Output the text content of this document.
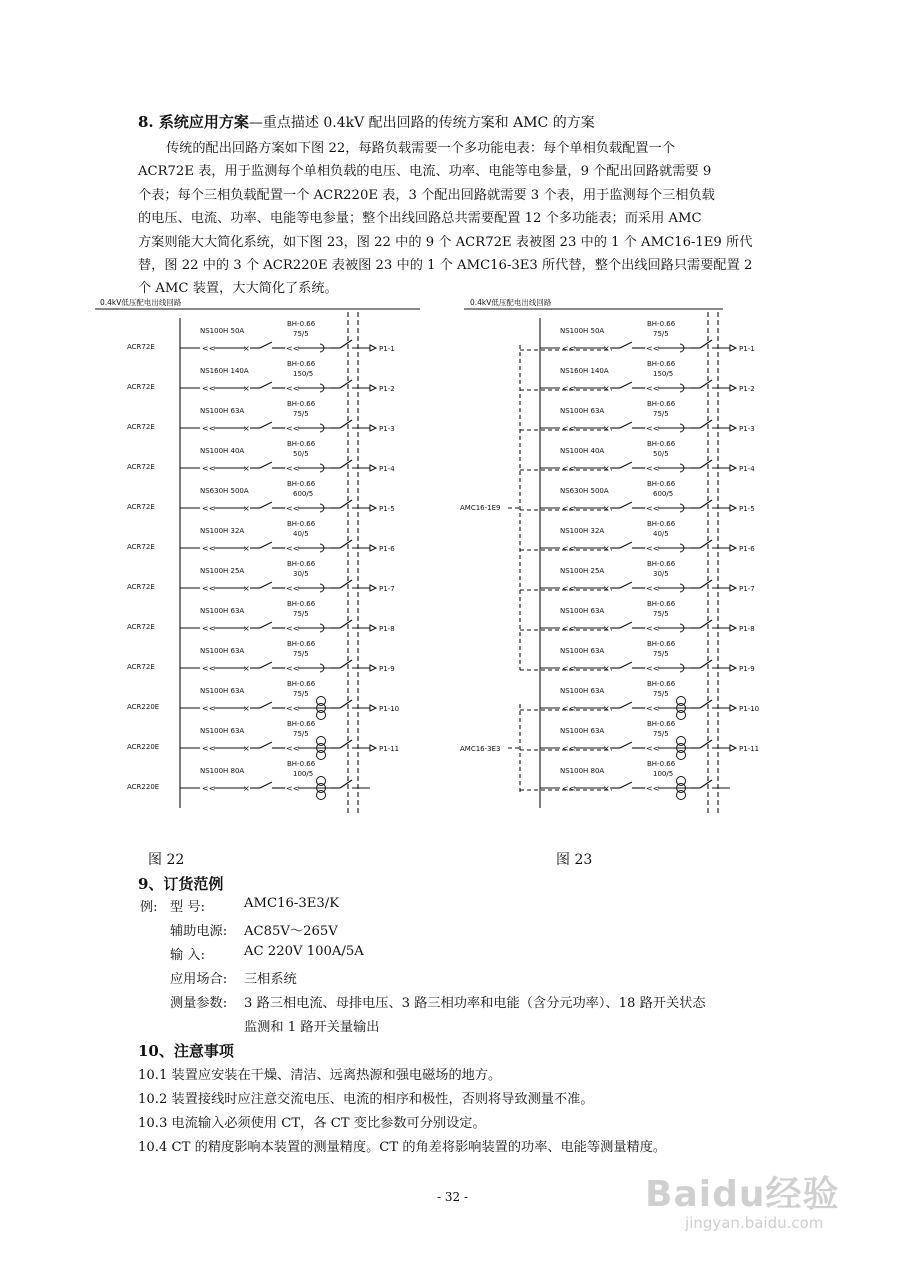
8. 系统应用方案—重点描述 0.4kV 配出回路的传统方案和 AMC 的方案
传统的配出回路方案如下图 22，每路负载需要一个多功能电表：每个单相负载配置一个
ACR72E 表，用于监测每个单相负载的电压、电流、功率、电能等电参量，9 个配出回路就需要 9
个表；每个三相负载配置一个 ACR220E 表，3 个配出回路就需要 3 个表，用于监测每个三相负载
的电压、电流、功率、电能等电参量；整个出线回路总共需要配置 12 个多功能表；而采用 AMC
方案则能大大简化系统，如下图 23，图 22 中的 9 个 ACR72E 表被图 23 中的 1 个 AMC16-1E9 所代
替，图 22 中的 3 个 ACR220E 表被图 23 中的 1 个 AMC16-3E3 所代替，整个出线回路只需要配置 2
个 AMC 装置，大大简化了系统。
0.4kV低压配电出线回路
NS100H 50A
BH-0.66
75/5
<<	×	<<	P1-1
ACR72E
NS160H 140A
BH-0.66
150/5
<<	×	<<	P1-2
ACR72E
NS100H 63A
BH-0.66
75/5
<<	×	<<	P1-3
ACR72E
NS100H 40A
BH-0.66
50/5
<<	×	<<	P1-4
ACR72E
NS630H 500A
BH-0.66
600/5
<<	×	<<	P1-5
ACR72E
NS100H 32A
BH-0.66
40/5
<<	×	<<	P1-6
ACR72E
NS100H 25A
BH-0.66
30/5
<<	×	<<	P1-7
ACR72E
NS100H 63A
BH-0.66
75/5
<<	×	<<	P1-8
ACR72E
NS100H 63A
BH-0.66
75/5
<<	×	<<	P1-9
ACR72E
NS100H 63A
BH-0.66
75/5
<<	×	<<	P1-10
ACR220E
NS100H 63A
BH-0.66
75/5
<<	×	<<	P1-11
ACR220E
NS100H 80A
BH-0.66
100/5
<<	×	<<
ACR220E
0.4kV低压配电出线回路
NS100H 50A
BH-0.66
75/5
<<	×	<<	P1-1
NS160H 140A
BH-0.66
150/5
<<	×	<<	P1-2
NS100H 63A
BH-0.66
75/5
<<	×	<<	P1-3
NS100H 40A
BH-0.66
50/5
<<	×	<<	P1-4
NS630H 500A
BH-0.66
600/5
<<	×	<<	P1-5
NS100H 32A
BH-0.66
40/5
<<	×	<<	P1-6
NS100H 25A
BH-0.66
30/5
<<	×	<<	P1-7
NS100H 63A
BH-0.66
75/5
<<	×	<<	P1-8
NS100H 63A
BH-0.66
75/5
<<	×	<<	P1-9
NS100H 63A
BH-0.66
75/5
<<	×	<<	P1-10
NS100H 63A
BH-0.66
75/5
<<	×	<<	P1-11
NS100H 80A
BH-0.66
100/5
<<	×	<<
AMC16-1E9
AMC16-3E3
图 22	图 23
9、订货范例
例: 型 号:	AMC16-3E3/K
辅助电源: AC85V～265V
输 入:	AC 220V 100A/5A
应用场合: 三相系统
测量参数: 3 路三相电流、母排电压、3 路三相功率和电能（含分元功率）、18 路开关状态
监测和 1 路开关量输出
10、注意事项
10.1 装置应安装在干燥、清洁、远离热源和强电磁场的地方。
10.2 装置接线时应注意交流电压、电流的相序和极性，否则将导致测量不准。
10.3 电流输入必须使用 CT，各 CT 变比参数可分别设定。
10.4 CT 的精度影响本装置的测量精度。CT 的角差将影响装置的功率、电能等测量精度。
- 32 -	Baidu经验
jingyan.baidu.com
